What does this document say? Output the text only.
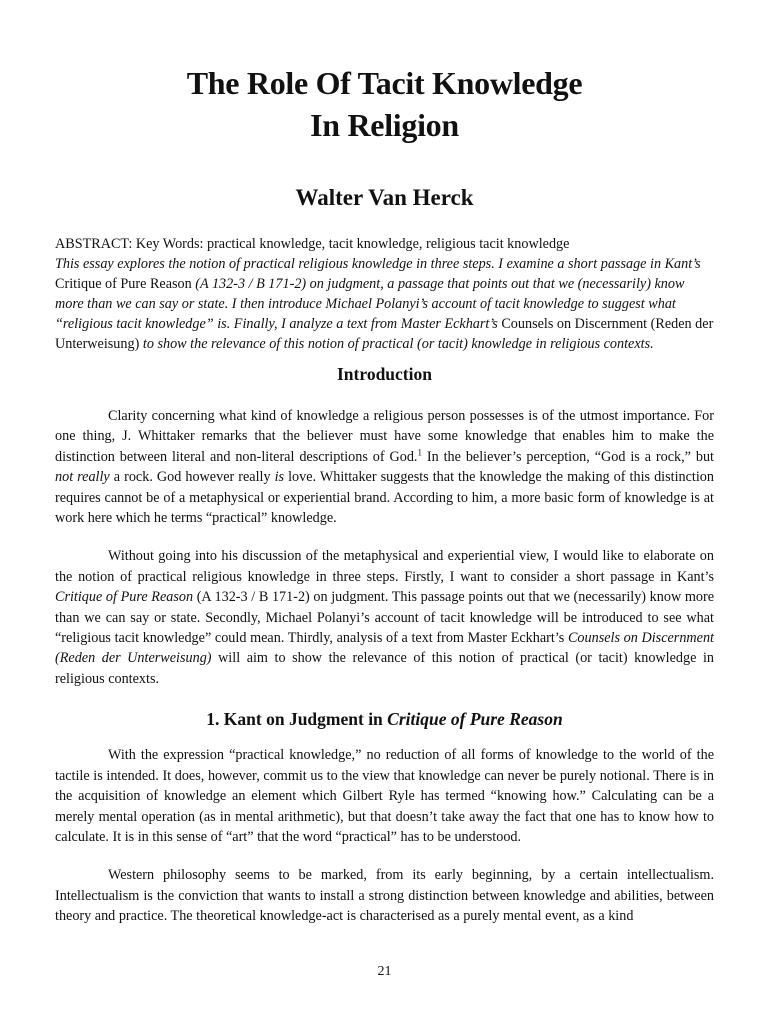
The Role Of Tacit Knowledge
In Religion
Walter Van Herck
ABSTRACT: Key Words: practical knowledge, tacit knowledge, religious tacit knowledge
This essay explores the notion of practical religious knowledge in three steps. I examine a short passage in Kant’s Critique of Pure Reason (A 132-3 / B 171-2) on judgment, a passage that points out that we (necessarily) know more than we can say or state. I then introduce Michael Polanyi’s account of tacit knowledge to suggest what “religious tacit knowledge” is. Finally, I analyze a text from Master Eckhart’s Counsels on Discernment (Reden der Unterweisung) to show the relevance of this notion of practical (or tacit) knowledge in religious contexts.
Introduction

Clarity concerning what kind of knowledge a religious person possesses is of the utmost importance. For one thing, J. Whittaker remarks that the believer must have some knowledge that enables him to make the distinction between literal and non-literal descriptions of God.$^1$ In the believer’s perception, “God is a rock,” but not really a rock. God however really is love. Whittaker suggests that the knowledge the making of this distinction requires cannot be of a metaphysical or experiential brand. According to him, a more basic form of knowledge is at work here which he terms “practical” knowledge.

Without going into his discussion of the metaphysical and experiential view, I would like to elaborate on the notion of practical religious knowledge in three steps. Firstly, I want to consider a short passage in Kant’s Critique of Pure Reason (A 132-3 / B 171-2) on judgment. This passage points out that we (necessarily) know more than we can say or state. Secondly, Michael Polanyi’s account of tacit knowledge will be introduced to see what “religious tacit knowledge” could mean. Thirdly, analysis of a text from Master Eckhart’s Counsels on Discernment (Reden der Unterweisung) will aim to show the relevance of this notion of practical (or tacit) knowledge in religious contexts.

1. Kant on Judgment in Critique of Pure Reason

With the expression “practical knowledge,” no reduction of all forms of knowledge to the world of the tactile is intended. It does, however, commit us to the view that knowledge can never be purely notional. There is in the acquisition of knowledge an element which Gilbert Ryle has termed “knowing how.” Calculating can be a merely mental operation (as in mental arithmetic), but that doesn’t take away the fact that one has to know how to calculate. It is in this sense of “art” that the word “practical” has to be understood.

Western philosophy seems to be marked, from its early beginning, by a certain intellectualism. Intellectualism is the conviction that wants to install a strong distinction between knowledge and abilities, between theory and practice. The theoretical knowledge-act is characterised as a purely mental event, as a kind

21
